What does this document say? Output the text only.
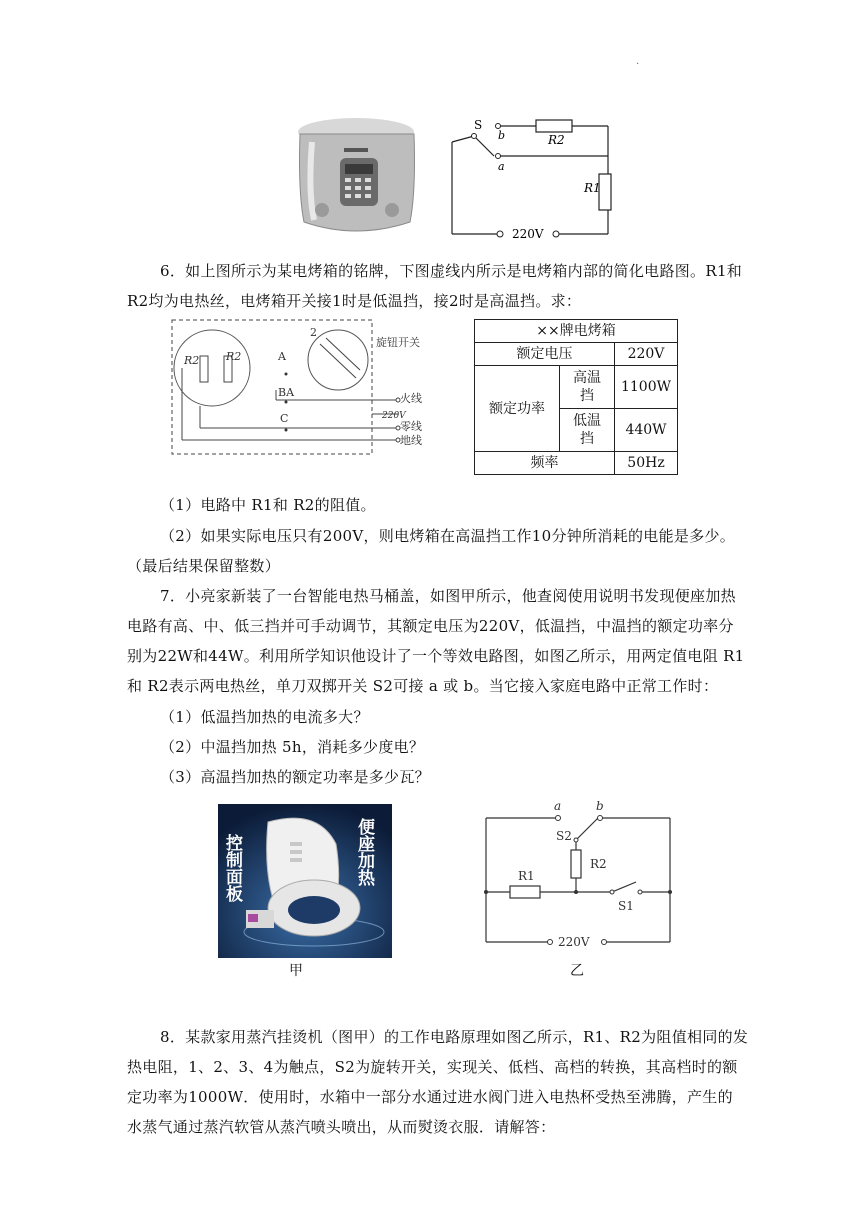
.
S
b
a
R2
R1
220V
6．如上图所示为某电烤箱的铭牌，下图虚线内所示是电烤箱内部的简化电路图。R1和
R2均为电热丝，电烤箱开关接1时是低温挡，接2时是高温挡。求：
R2 R2	A
BA
C
2
旋钮开关
火线
220V
零线
地线
××牌电烤箱		
额定电压		220V
额定功率	高温挡	1100W
	低温挡	440W
频率		50Hz
（1）电路中 R1和 R2的阻值。
（2）如果实际电压只有200V，则电烤箱在高温挡工作10分钟所消耗的电能是多少。
（最后结果保留整数）
7．小亮家新装了一台智能电热马桶盖，如图甲所示，他查阅使用说明书发现便座加热
电路有高、中、低三挡并可手动调节，其额定电压为220V，低温挡，中温挡的额定功率分
别为22W和44W。利用所学知识他设计了一个等效电路图，如图乙所示，用两定值电阻 R1
和 R2表示两电热丝，单刀双掷开关 S2可接 a 或 b。当它接入家庭电路中正常工作时：
（1）低温挡加热的电流多大？
（2）中温挡加热 5h，消耗多少度电？
（3）高温挡加热的额定功率是多少瓦？
控制面板	便座加热
甲
a	b
S2
R2
R1
S1
220V
乙
8．某款家用蒸汽挂烫机（图甲）的工作电路原理如图乙所示，R1、R2为阻值相同的发
热电阻，1、2、3、4为触点，S2为旋转开关，实现关、低档、高档的转换，其高档时的额
定功率为1000W．使用时，水箱中一部分水通过进水阀门进入电热杯受热至沸腾，产生的
水蒸气通过蒸汽软管从蒸汽喷头喷出，从而熨烫衣服．请解答：
